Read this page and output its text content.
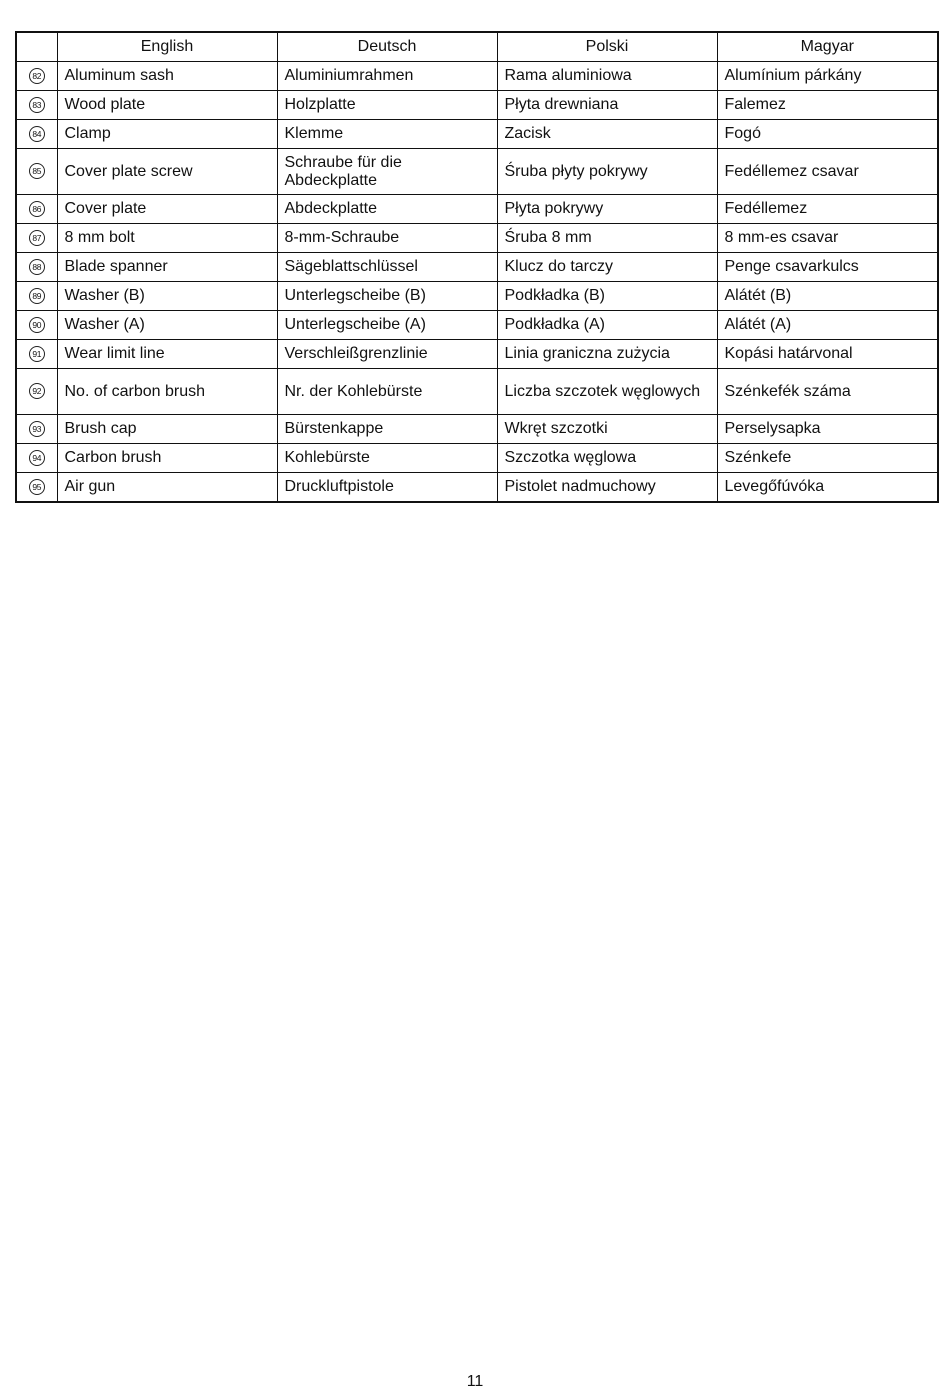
	English	Deutsch	Polski	Magyar
82	Aluminum sash	Aluminiumrahmen	Rama aluminiowa	Alumínium párkány
83	Wood plate	Holzplatte	Płyta drewniana	Falemez
84	Clamp	Klemme	Zacisk	Fogó
85	Cover plate screw	Schraube für die Abdeckplatte	Śruba płyty pokrywy	Fedéllemez csavar
86	Cover plate	Abdeckplatte	Płyta pokrywy	Fedéllemez
87	8 mm bolt	8-mm-Schraube	Śruba 8 mm	8 mm-es csavar
88	Blade spanner	Sägeblattschlüssel	Klucz do tarczy	Penge csavarkulcs
89	Washer (B)	Unterlegscheibe (B)	Podkładka (B)	Alátét (B)
90	Washer (A)	Unterlegscheibe (A)	Podkładka (A)	Alátét (A)
91	Wear limit line	Verschleißgrenzlinie	Linia graniczna zużycia	Kopási határvonal
92	No. of carbon brush	Nr. der Kohlebürste	Liczba szczotek węglowych	Szénkefék száma
93	Brush cap	Bürstenkappe	Wkręt szczotki	Perselysapka
94	Carbon brush	Kohlebürste	Szczotka węglowa	Szénkefe
95	Air gun	Druckluftpistole	Pistolet nadmuchowy	Levegőfúvóka
11
